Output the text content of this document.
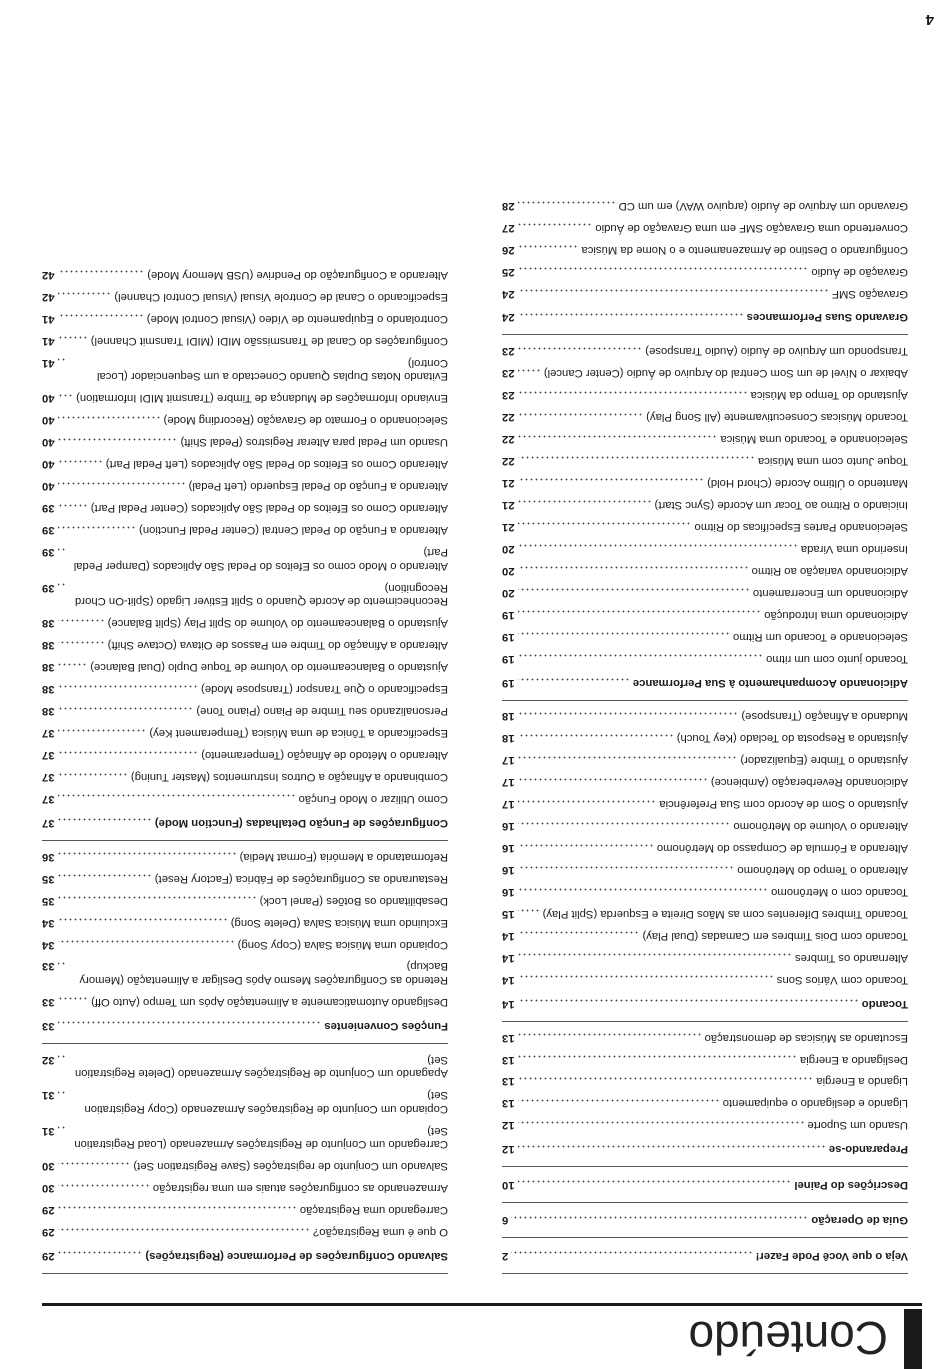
Conteúdo
Veja o que Você Pode Fazer!
2
Guia de Operação
6
Descrições do Painel
10
Preparando-se
12
Usando um Suporte
12
Ligando e desligando o equipamento
13
Ligando a Energia
13
Desligando a Energia
13
Escutando as Músicas de demonstração
13
Tocando
14
Tocando com Vários Sons
14
Alternando os Timbres
14
Tocando com Dois Timbres em Camadas (Dual Play)
14
Tocando Timbres Diferentes com as Mãos Direita e Esquerda (Split Play)
15
Tocando com o Metrônomo
16
Alterando o Tempo do Metrônomo
16
Alterando a Fórmula de Compasso do Metrônomo
16
Alterando o Volume do Metrônomo
16
Ajustando o Som de Acordo com Sua Preferência
17
Adicionando Reverberação (Ambience)
17
Ajustando o Timbre (Equalizador)
17
Ajustando a Resposta do Teclado (Key Touch)
18
Mudando a Afinação (Transpose)
18
Adicionando Acompanhamento à Sua Performance
19
Tocando junto com um ritmo
19
Selecionando e Tocando um Ritmo
19
Adicionando uma Introdução
19
Adicionando um Encerramento
20
Adicionando variação ao Ritmo
20
Inserindo uma Virada
20
Selecionando Partes Específicas do Ritmo
21
Iniciando o Ritmo ao Tocar um Acorde (Sync Start)
21
Mantendo o Último Acorde (Chord Hold)
21
Toque Junto com uma Música
22
Selecionando e Tocando uma Música
22
Tocando Músicas Consecutivamente (All Song Play)
22
Ajustando do Tempo da Música
23
Abaixar o Nível de um Som Central do Arquivo de Áudio (Center Cancel)
23
Transpondo um Arquivo de Áudio (Audio Transpose)
23
Gravando Suas Performances
24
Gravação SMF
24
Gravação de Áudio
25
Configurando o Destino de Armazenamento e o Nome da Música
26
Convertendo uma Gravação SMF em uma Gravação de Áudio
27
Gravando um Arquivo de Áudio (arquivo WAV) em um CD
28
Salvando Configurações de Performance (Registrações)
29
O que é uma Registração?
29
Carregando uma Registração
29
Armazenando as configurações atuais em uma registração
30
Salvando um Conjunto de registrações (Save Registration Set)
30
Carregando um Conjunto de Registrações Armazenado (Load Registration Set)
31
Copiando um Conjunto de Registrações Armazenado (Copy Registration Set)
31
Apagando um Conjunto de Registrações Armazenado (Delete Registration Set)
32
Funções Convenientes
33
Desligando Automaticamente a Alimentação Após um Tempo (Auto Off)
33
Retendo as Configurações Mesmo Após Desligar a Alimentação (Memory Backup)
33
Copiando uma Música Salva (Copy Song)
34
Excluindo uma Música Salva (Delete Song)
34
Desabilitando os Botões (Panel Lock)
35
Restaurando as Configurações de Fábrica (Factory Reset)
35
Reformatando a Memória (Format Media)
36
Configurações de Função Detalhadas (Function Mode)
37
Como Utilizar o Modo Função
37
Combinando a Afinação a Outros Instrumentos (Master Tuning)
37
Alterando o Método de Afinação (Temperamento)
37
Especificando a Tônica de uma Música (Temperament Key)
37
Personalizando seu Timbre de Piano (Piano Tone)
38
Especificando o Que Transpor (Transpose Mode)
38
Ajustando o Balanceamento do Volume de Toque Duplo (Dual Balance)
38
Alterando a Afinação do Timbre em Passos de Oitava (Octave Shift)
38
Ajustando o Balanceamento do Volume do Split Play (Split Balance)
38
Reconhecimento de Acorde Quando o Split Estiver Ligado (Split-On Chord Recognition)
39
Alterando o Modo como os Efeitos do Pedal São Aplicados (Damper Pedal Part)
39
Alterando a Função do Pedal Central (Center Pedal Function)
39
Alterando Como os Efeitos do Pedal São Aplicados (Center Pedal Part)
39
Alterando a Função do Pedal Esquerdo (Left Pedal)
40
Alterando Como os Efeitos do Pedal São Aplicados (Left Pedal Part)
40
Usando um Pedal para Alterar Registros (Pedal Shift)
40
Selecionando o Formato de Gravação (Recording Mode)
40
Enviando Informações de Mudança de Timbre (Transmit MIDI Information)
40
Evitando Notas Duplas Quando Conectado a um Sequenciador (Local Control)
41
Configurações do Canal de Transmissão MIDI (MIDI Transmit Channel)
41
Controlando o Equipamento de Vídeo (Visual Control Mode)
41
Especificando o Canal de Controle Visual (Visual Control Channel)
42
Alterando a Configuração do Pendrive (USB Memory Mode)
42
4
